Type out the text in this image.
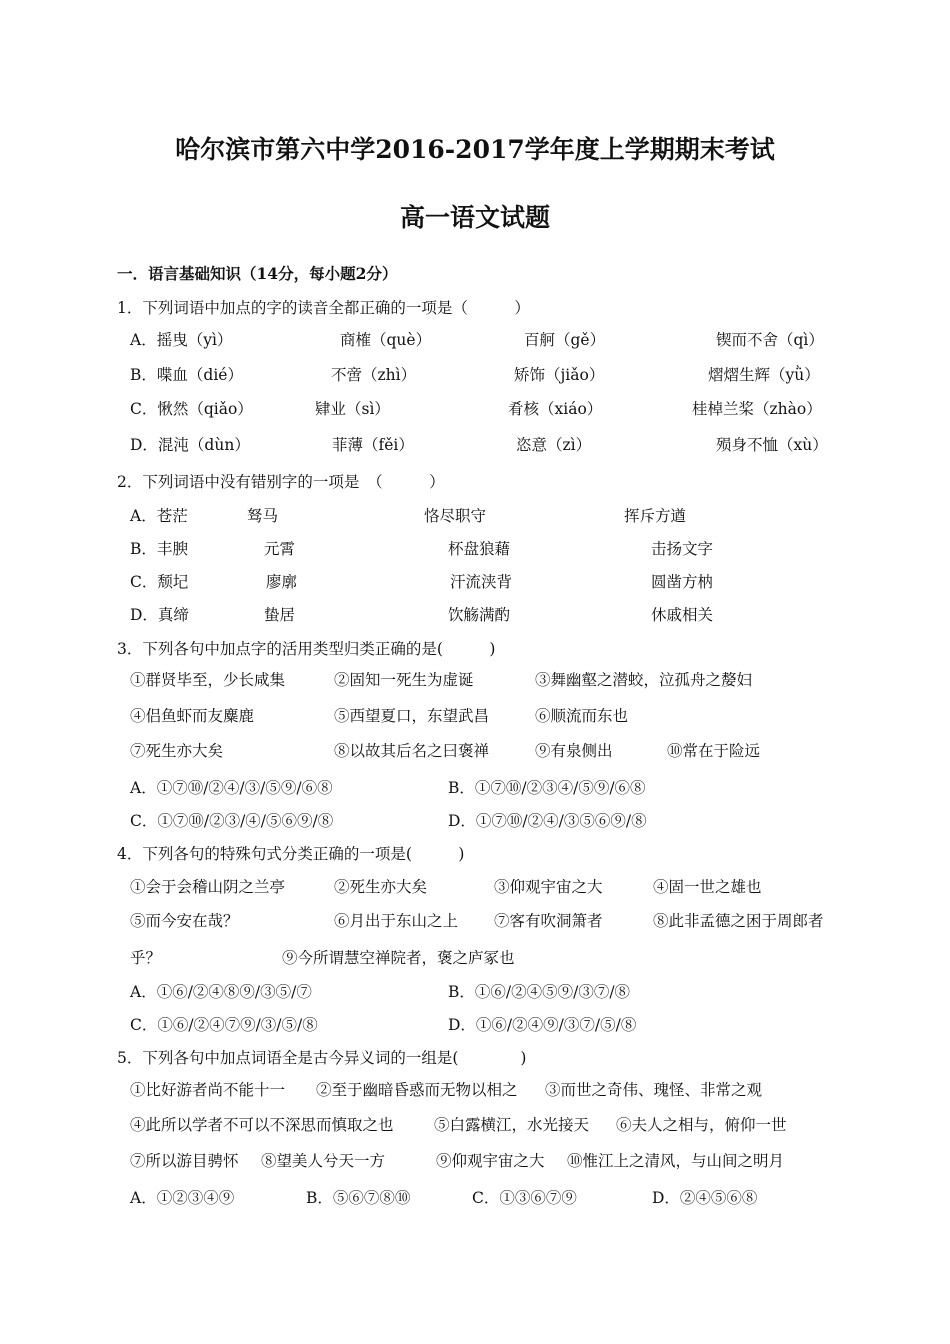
哈尔滨市第六中学2016-2017学年度上学期期末考试
高一语文试题
一．语言基础知识（14分，每小题2分）
1．下列词语中加点的字的读音全都正确的一项是（　　　）
A．摇曳（yì）	商榷（què）	百舸（gě）	锲而不舍（qì）
B．喋血（dié）	不啻（zhì）	矫饰（jiǎo）	熠熠生辉（yǜ）
C．愀然（qiǎo）	肄业（sì）	肴核（xiáo）	桂棹兰桨（zhào）
D．混沌（dùn）	菲薄（fěi）	恣意（zì）	殒身不恤（xù）
2．下列词语中没有错别字的一项是　（　　　）
A．苍茫	驽马	恪尽职守	挥斥方遒
B．丰腴	元霄	杯盘狼藉	击扬文字
C．颓圮	廖廓	汗流浃背	圆凿方枘
D．真缔	蛰居	饮觞满酌	休戚相关
3．下列各句中加点字的活用类型归类正确的是(　　　)
①群贤毕至，少长咸集	②固知一死生为虚诞	③舞幽壑之潜蛟，泣孤舟之嫠妇
④侣鱼虾而友麋鹿	⑤西望夏口，东望武昌	⑥顺流而东也
⑦死生亦大矣	⑧以故其后名之曰褒禅	⑨有泉侧出	⑩常在于险远
A．①⑦⑩/②④/③/⑤⑨/⑥⑧	B．①⑦⑩/②③④/⑤⑨/⑥⑧
C．①⑦⑩/②③/④/⑤⑥⑨/⑧	D．①⑦⑩/②④/③⑤⑥⑨/⑧
4．下列各句的特殊句式分类正确的一项是(　　　)
①会于会稽山阴之兰亭	②死生亦大矣	③仰观宇宙之大	④固一世之雄也
⑤而今安在哉？	⑥月出于东山之上 ⑦客有吹洞箫者	⑧此非孟德之困于周郎者
乎？	⑨今所谓慧空禅院者，褒之庐冢也
A．①⑥/②④⑧⑨/③⑤/⑦	B．①⑥/②④⑤⑨/③⑦/⑧
C．①⑥/②④⑦⑨/③/⑤/⑧	D．①⑥/②④⑨/③⑦/⑤/⑧
5．下列各句中加点词语全是古今异义词的一组是(　　　　)
①比好游者尚不能十一 ②至于幽暗昏惑而无物以相之 ③而世之奇伟、瑰怪、非常之观
④此所以学者不可以不深思而慎取之也	⑤白露横江，水光接天 ⑥夫人之相与，俯仰一世
⑦所以游目骋怀 ⑧望美人兮天一方	⑨仰观宇宙之大 ⑩惟江上之清风，与山间之明月
A．①②③④⑨	B．⑤⑥⑦⑧⑩	C．①③⑥⑦⑨	D．②④⑤⑥⑧
